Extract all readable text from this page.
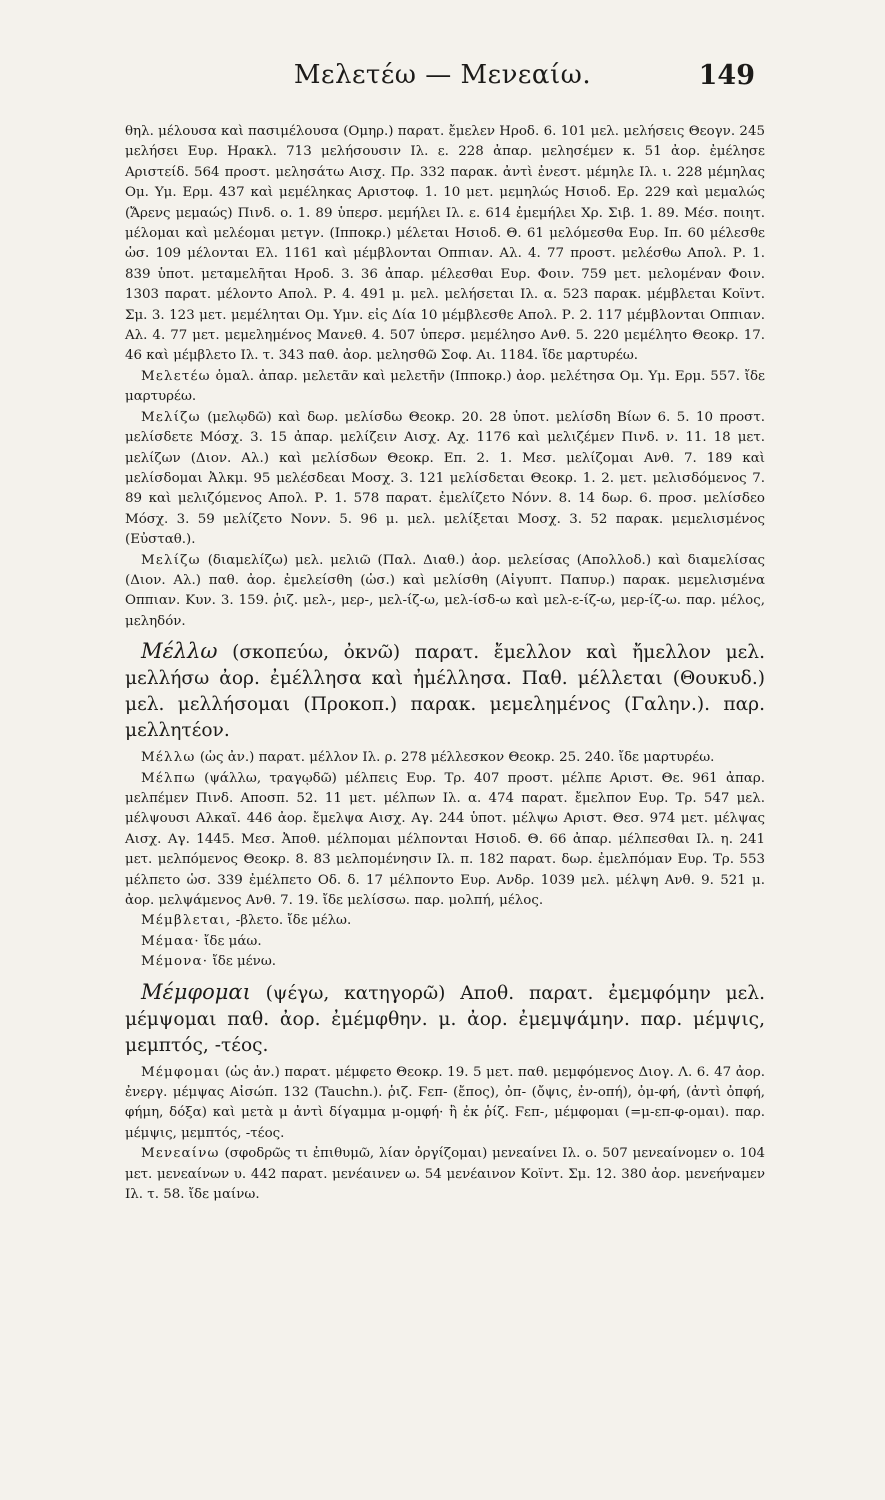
Μελετέω — Μενεαίω.	149

θηλ. μέλουσα καὶ πασιμέλουσα (Ομηρ.) παρατ. ἔμελεν Ηροδ. 6. 101 μελ. μελήσεις Θεογν. 245 μελήσει Ευρ. Ηρακλ. 713 μελήσουσιν Ιλ. ε. 228 ἀπαρ. μελησέμεν κ. 51 ἀορ. ἐμέλησε Αριστείδ. 564 προστ. μελησάτω Αισχ. Πρ. 332 παρακ. ἀντὶ ἐνεστ. μέμηλε Ιλ. ι. 228 μέμηλας Ομ. Υμ. Ερμ. 437 καὶ μεμέληκας Αριστοφ. 1. 10 μετ. μεμηλώς Ησιοδ. Ερ. 229 καὶ μεμαλώς (Ἄρενς μεμαώς) Πινδ. ο. 1. 89 ὑπερσ. μεμήλει Ιλ. ε. 614 ἐμεμήλει Χρ. Σιβ. 1. 89. Μέσ. ποιητ. μέλομαι καὶ μελέομαι μετγν. (Ιπποκρ.) μέλεται Ησιοδ. Θ. 61 μελόμεσθα Ευρ. Ιπ. 60 μέλεσθε ὡσ. 109 μέλονται Ελ. 1161 καὶ μέμβλονται Οππιαν. Αλ. 4. 77 προστ. μελέσθω Απολ. Ρ. 1. 839 ὑποτ. μεταμελῆται Ηροδ. 3. 36 ἀπαρ. μέλεσθαι Ευρ. Φοιν. 759 μετ. μελομέναν Φοιν. 1303 παρατ. μέλοντο Απολ. Ρ. 4. 491 μ. μελ. μελήσεται Ιλ. α. 523 παρακ. μέμβλεται Κοϊντ. Σμ. 3. 123 μετ. μεμέληται Ομ. Υμν. εἰς Δία 10 μέμβλεσθε Απολ. Ρ. 2. 117 μέμβλονται Οππιαν. Αλ. 4. 77 μετ. μεμελημένος Μανεθ. 4. 507 ὑπερσ. μεμέλησο Ανθ. 5. 220 μεμέλητο Θεοκρ. 17. 46 καὶ μέμβλετο Ιλ. τ. 343 παθ. ἀορ. μελησθῶ Σοφ. Αι. 1184. ἴδε μαρτυρέω.

Μελετέω ὁμαλ. ἀπαρ. μελετᾶν καὶ μελετῆν (Ιπποκρ.) ἀορ. μελέτησα Ομ. Υμ. Ερμ. 557. ἴδε μαρτυρέω.

Μελίζω (μελῳδῶ) καὶ δωρ. μελίσδω Θεοκρ. 20. 28 ὑποτ. μελίσδη Βίων 6. 5. 10 προστ. μελίσδετε Μόσχ. 3. 15 ἀπαρ. μελίζειν Αισχ. Αχ. 1176 καὶ μελιζέμεν Πινδ. ν. 11. 18 μετ. μελίζων (Διον. Αλ.) καὶ μελίσδων Θεοκρ. Επ. 2. 1. Μεσ. μελίζομαι Ανθ. 7. 189 καὶ μελίσδομαι Ἀλκμ. 95 μελέσδεαι Μοσχ. 3. 121 μελίσδεται Θεοκρ. 1. 2. μετ. μελισδόμενος 7. 89 καὶ μελιζόμενος Απολ. Ρ. 1. 578 παρατ. ἐμελίζετο Νόνν. 8. 14 δωρ. 6. προσ. μελίσδεο Μόσχ. 3. 59 μελίζετο Νονν. 5. 96 μ. μελ. μελίξεται Μοσχ. 3. 52 παρακ. μεμελισμένος (Εὐσταθ.).

Μελίζω (διαμελίζω) μελ. μελιῶ (Παλ. Διαθ.) ἀορ. μελείσας (Απολλοδ.) καὶ διαμελίσας (Διον. Αλ.) παθ. ἀορ. ἐμελείσθη (ὡσ.) καὶ μελίσθη (Αἰγυπτ. Παπυρ.) παρακ. μεμελισμένα Οππιαν. Κυν. 3. 159. ῥιζ. μελ-, μερ-, μελ-ίζ-ω, μελ-ίσδ-ω καὶ μελ-ε-ίζ-ω, μερ-ίζ-ω. παρ. μέλος, μεληδόν.

Μέλλω (σκοπεύω, ὀκνῶ) παρατ. ἔμελλον καὶ ἤμελλον μελ. μελλήσω ἀορ. ἐμέλλησα καὶ ἠμέλλησα. Παθ. μέλλεται (Θουκυδ.) μελ. μελλήσομαι (Προκοπ.) παρακ. μεμελημένος (Γαλην.). παρ. μελλητέον.

Μέλλω (ὡς ἀν.) παρατ. μέλλον Ιλ. ρ. 278 μέλλεσκον Θεοκρ. 25. 240. ἴδε μαρτυρέω.

Μέλπω (ψάλλω, τραγῳδῶ) μέλπεις Ευρ. Τρ. 407 προστ. μέλπε Αριστ. Θε. 961 ἀπαρ. μελπέμεν Πινδ. Αποσπ. 52. 11 μετ. μέλπων Ιλ. α. 474 παρατ. ἔμελπον Ευρ. Τρ. 547 μελ. μέλψουσι Αλκαῖ. 446 ἀορ. ἔμελψα Αισχ. Αγ. 244 ὑποτ. μέλψω Αριστ. Θεσ. 974 μετ. μέλψας Αισχ. Αγ. 1445. Μεσ. Ἀποθ. μέλπομαι μέλπονται Ησιοδ. Θ. 66 ἀπαρ. μέλπεσθαι Ιλ. η. 241 μετ. μελπόμενος Θεοκρ. 8. 83 μελπομένησιν Ιλ. π. 182 παρατ. δωρ. ἐμελπόμαν Ευρ. Τρ. 553 μέλπετο ὡσ. 339 ἐμέλπετο Οδ. δ. 17 μέλποντο Ευρ. Ανδρ. 1039 μελ. μέλψη Ανθ. 9. 521 μ. ἀορ. μελψάμενος Ανθ. 7. 19. ἴδε μελίσσω. παρ. μολπή, μέλος.

Μέμβλεται, -βλετο. ἴδε μέλω.

Μέμαα· ἴδε μάω.

Μέμονα· ἴδε μένω.

Μέμφομαι (ψέγω, κατηγορῶ) Αποθ. παρατ. ἐμεμφόμην μελ. μέμψομαι παθ. ἀορ. ἐμέμφθην. μ. ἀορ. ἐμεμψάμην. παρ. μέμψις, μεμπτός, -τέος.

Μέμφομαι (ὡς ἀν.) παρατ. μέμφετο Θεοκρ. 19. 5 μετ. παθ. μεμφόμενος Διογ. Λ. 6. 47 ἀορ. ἐνεργ. μέμψας Αἰσώπ. 132 (Tauchn.). ῥιζ. Ϝεπ- (ἔπος), ὀπ- (ὄψις, ἐν-οπή), ὀμ-φή, (ἀντὶ ὀπφή, φήμη, δόξα) καὶ μετὰ μ ἀντὶ δίγαμμα μ-ομφή· ἢ ἐκ ῥίζ. Ϝεπ-, μέμφομαι (=μ-επ-φ-ομαι). παρ. μέμψις, μεμπτός, -τέος.

Μενεαίνω (σφοδρῶς τι ἐπιθυμῶ, λίαν ὀργίζομαι) μενεαίνει Ιλ. ο. 507 μενεαίνομεν ο. 104 μετ. μενεαίνων υ. 442 παρατ. μενέαινεν ω. 54 μενέαινον Κοϊντ. Σμ. 12. 380 ἀορ. μενεήναμεν Ιλ. τ. 58. ἴδε μαίνω.
